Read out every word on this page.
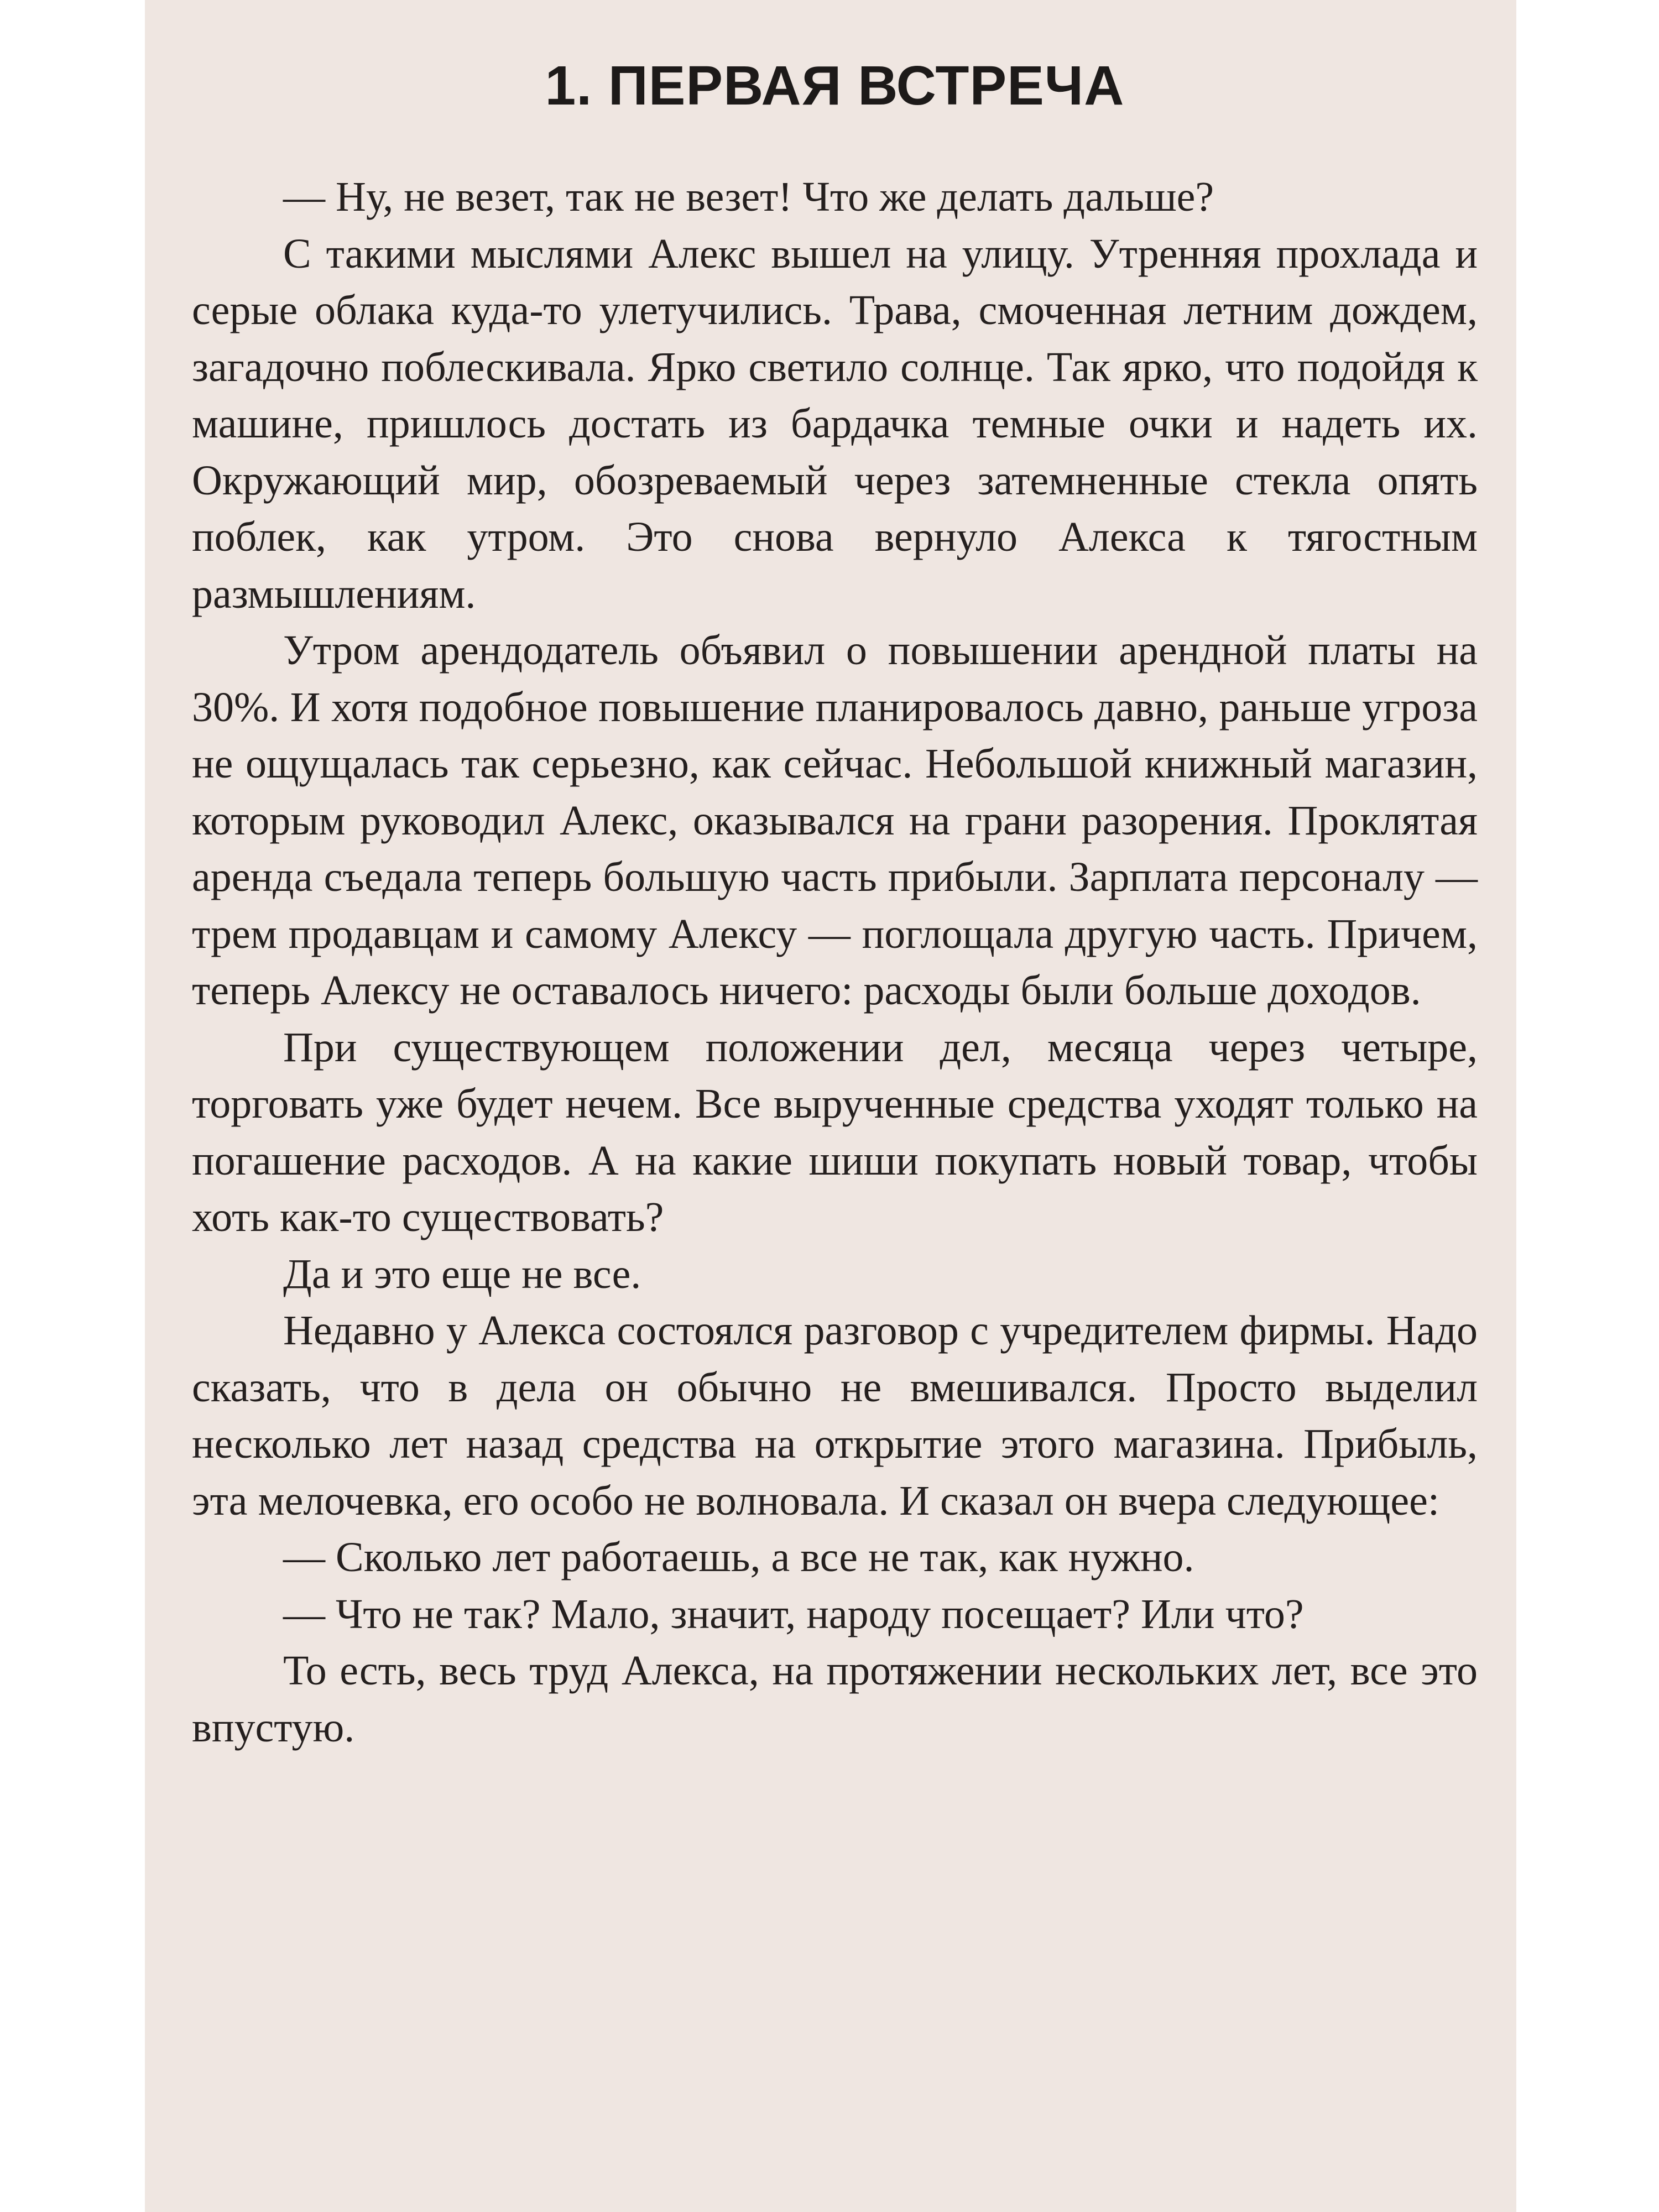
1. ПЕРВАЯ ВСТРЕЧА

— Ну, не везет, так не везет! Что же делать дальше?

С такими мыслями Алекс вышел на улицу. Утренняя прохлада и серые облака куда-то улетучились. Трава, смоченная летним дождем, загадочно поблескивала. Ярко светило солнце. Так ярко, что подойдя к машине, пришлось достать из бардачка темные очки и надеть их. Окружающий мир, обозреваемый через затемненные стекла опять поблек, как утром. Это снова вернуло Алекса к тягостным размышлениям.

Утром арендодатель объявил о повышении арендной платы на 30%. И хотя подобное повышение планировалось давно, раньше угроза не ощущалась так серьезно, как сейчас. Небольшой книжный магазин, которым руководил Алекс, оказывался на грани разорения. Проклятая аренда съедала теперь большую часть прибыли. Зарплата персоналу — трем продавцам и самому Алексу — поглощала другую часть. Причем, теперь Алексу не оставалось ничего: расходы были больше доходов.

При существующем положении дел, месяца через четыре, торговать уже будет нечем. Все вырученные средства уходят только на погашение расходов. А на какие шиши покупать новый товар, чтобы хоть как-то существовать?

Да и это еще не все.

Недавно у Алекса состоялся разговор с учредителем фирмы. Надо сказать, что в дела он обычно не вмешивался. Просто выделил несколько лет назад средства на открытие этого магазина. Прибыль, эта мелочевка, его особо не волновала. И сказал он вчера следующее:

— Сколько лет работаешь, а все не так, как нужно.

— Что не так? Мало, значит, народу посещает? Или что?

То есть, весь труд Алекса, на протяжении нескольких лет, все это впустую.
